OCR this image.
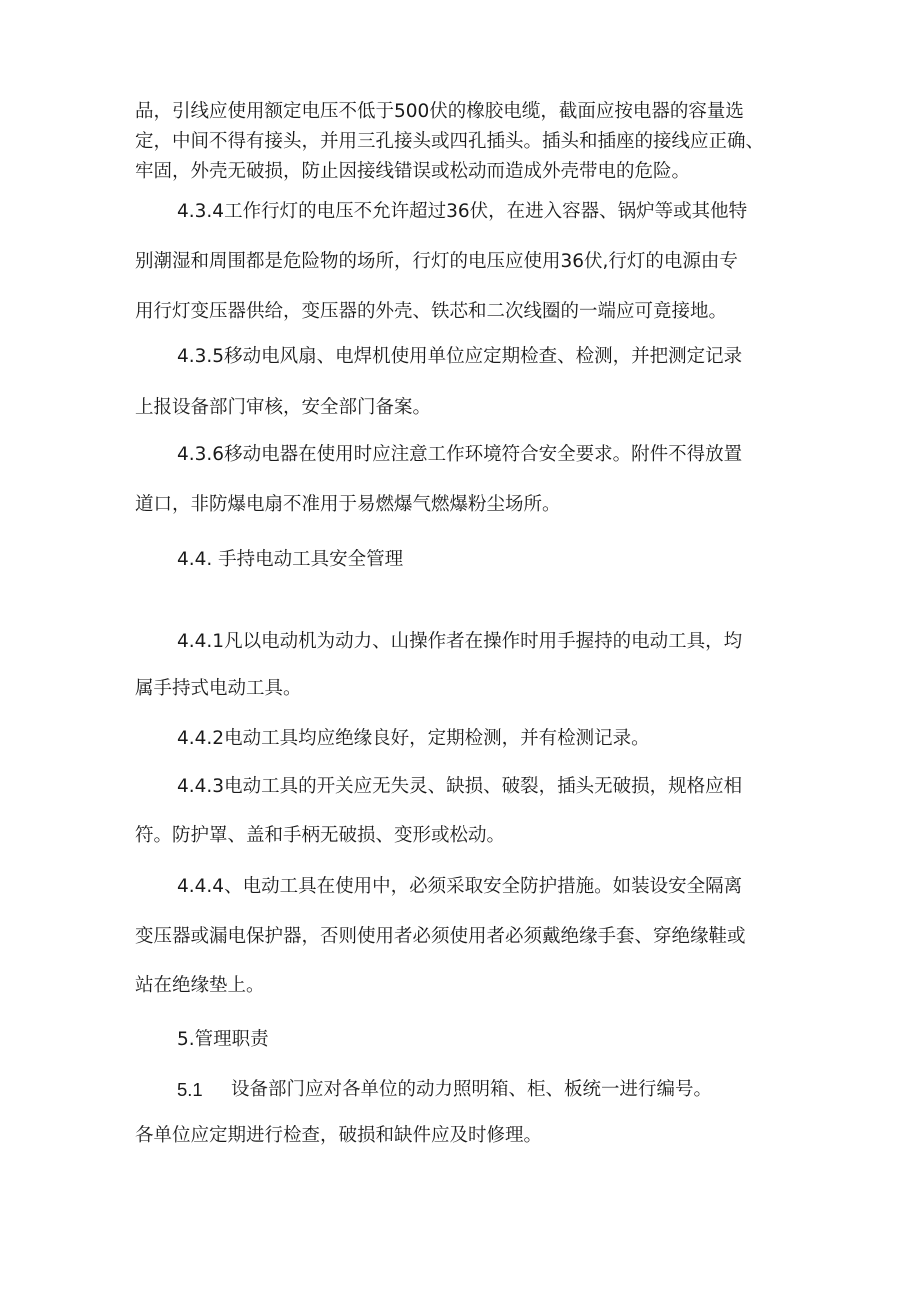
品，引线应使用额定电压不低于500伏的橡胶电缆，截面应按电器的容量选
定，中间不得有接头，并用三孔接头或四孔插头。插头和插座的接线应正确、
牢固，外壳无破损，防止因接线错误或松动而造成外壳带电的危险。
4.3.4工作行灯的电压不允许超过36伏，在进入容器、锅炉等或其他特
别潮湿和周围都是危险物的场所，行灯的电压应使用36伏,行灯的电源由专
用行灯变压器供给，变压器的外壳、铁芯和二次线圈的一端应可竟接地。
4.3.5移动电风扇、电焊机使用单位应定期检查、检测，并把测定记录
上报设备部门审核，安全部门备案。
4.3.6移动电器在使用时应注意工作环境符合安全要求。附件不得放置
道口，非防爆电扇不准用于易燃爆气燃爆粉尘场所。
4.4. 手持电动工具安全管理
4.4.1凡以电动机为动力、山操作者在操作时用手握持的电动工具，均
属手持式电动工具。
4.4.2电动工具均应绝缘良好，定期检测，并有检测记录。
4.4.3电动工具的开关应无失灵、缺损、破裂，插头无破损，规格应相
符。防护罩、盖和手柄无破损、变形或松动。
4.4.4、电动工具在使用中，必须采取安全防护措施。如装设安全隔离
变压器或漏电保护器，否则使用者必须使用者必须戴绝缘手套、穿绝缘鞋或
站在绝缘垫上。
5.管理职责
5.1 设备部门应对各单位的动力照明箱、柜、板统一进行编号。
各单位应定期进行检查，破损和缺件应及时修理。
